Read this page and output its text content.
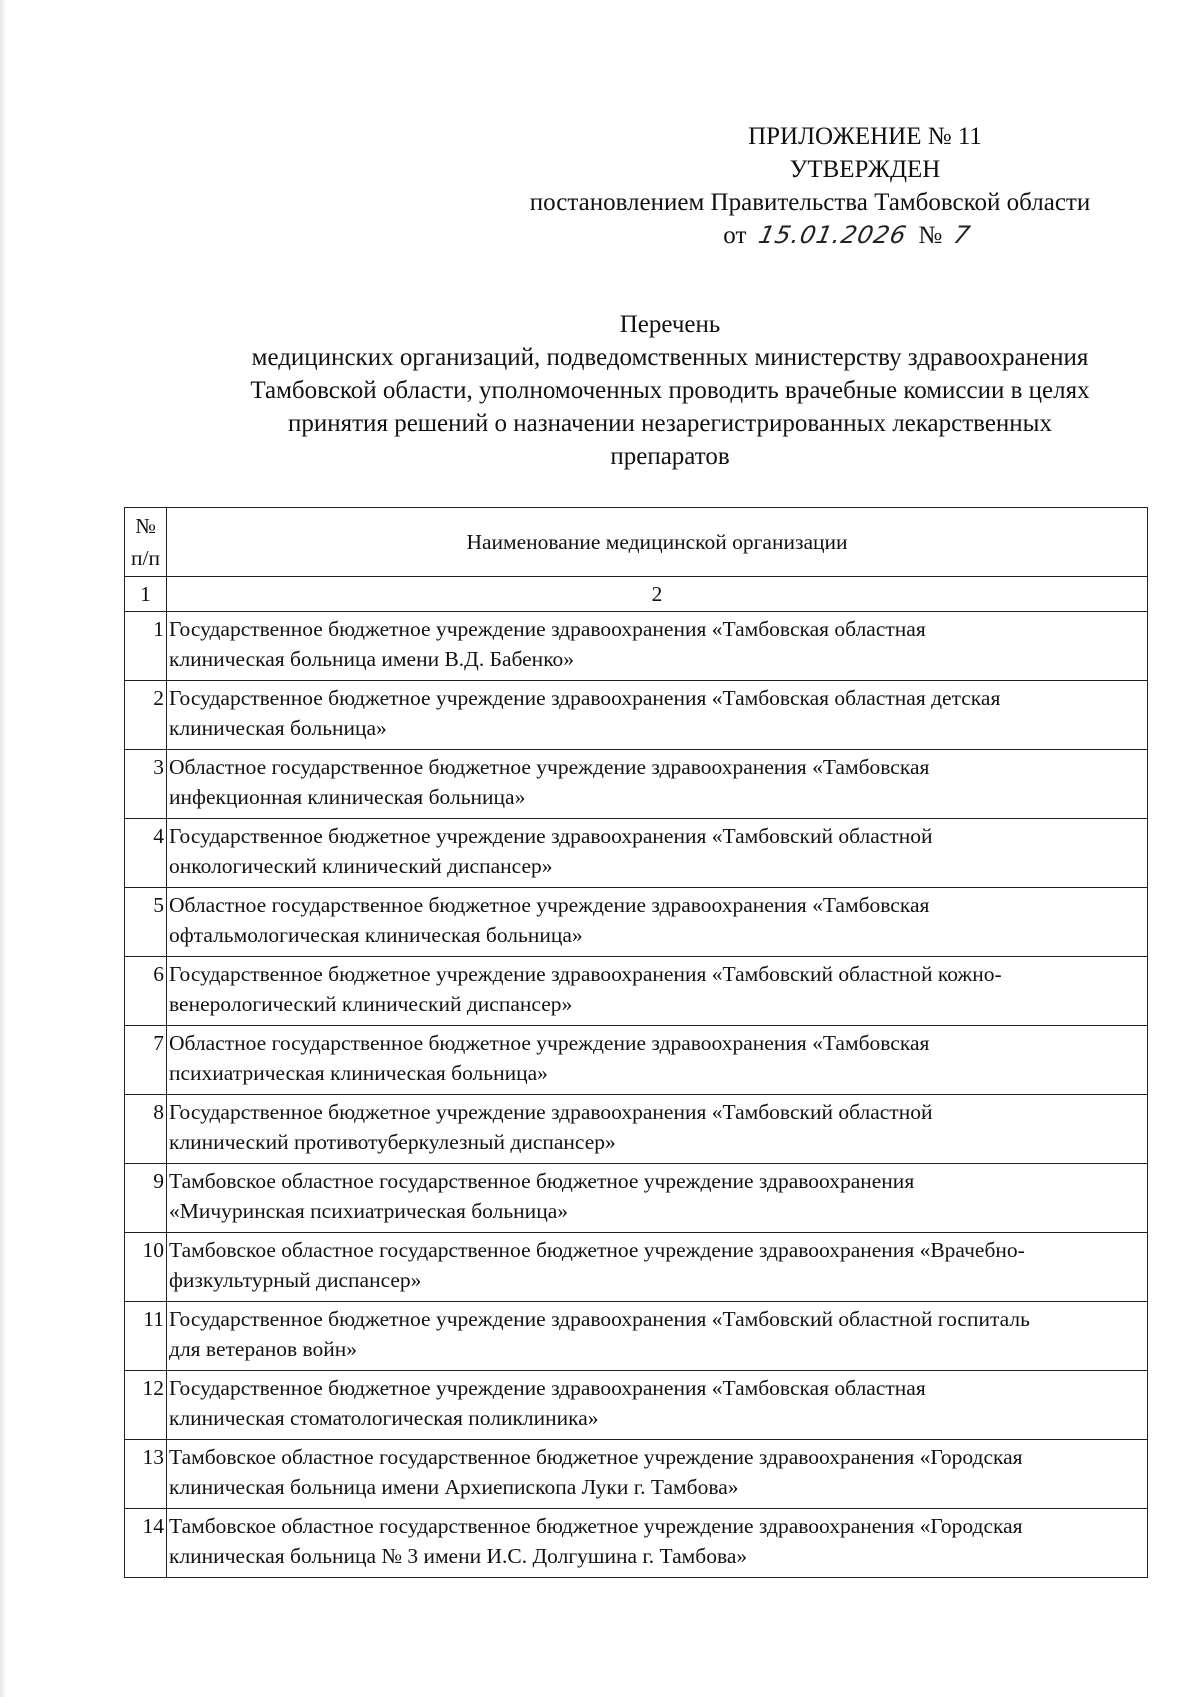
ПРИЛОЖЕНИЕ № 11
УТВЕРЖДЕН
постановлением Правительства Тамбовской области
от 15.01.2026 № 7
Перечень
медицинских организаций, подведомственных министерству здравоохранения
Тамбовской области, уполномоченных проводить врачебные комиссии в целях
принятия решений о назначении незарегистрированных лекарственных
препаратов
№
п/п	Наименование медицинской организации
1	2
1	Государственное бюджетное учреждение здравоохранения «Тамбовская областная
клиническая больница имени В.Д. Бабенко»
2	Государственное бюджетное учреждение здравоохранения «Тамбовская областная детская
клиническая больница»
3	Областное государственное бюджетное учреждение здравоохранения «Тамбовская
инфекционная клиническая больница»
4	Государственное бюджетное учреждение здравоохранения «Тамбовский областной
онкологический клинический диспансер»
5	Областное государственное бюджетное учреждение здравоохранения «Тамбовская
офтальмологическая клиническая больница»
6	Государственное бюджетное учреждение здравоохранения «Тамбовский областной кожно-
венерологический клинический диспансер»
7	Областное государственное бюджетное учреждение здравоохранения «Тамбовская
психиатрическая клиническая больница»
8	Государственное бюджетное учреждение здравоохранения «Тамбовский областной
клинический противотуберкулезный диспансер»
9	Тамбовское областное государственное бюджетное учреждение здравоохранения
«Мичуринская психиатрическая больница»
10	Тамбовское областное государственное бюджетное учреждение здравоохранения «Врачебно-
физкультурный диспансер»
11	Государственное бюджетное учреждение здравоохранения «Тамбовский областной госпиталь
для ветеранов войн»
12	Государственное бюджетное учреждение здравоохранения «Тамбовская областная
клиническая стоматологическая поликлиника»
13	Тамбовское областное государственное бюджетное учреждение здравоохранения «Городская
клиническая больница имени Архиепископа Луки г. Тамбова»
14	Тамбовское областное государственное бюджетное учреждение здравоохранения «Городская
клиническая больница № 3 имени И.С. Долгушина г. Тамбова»
